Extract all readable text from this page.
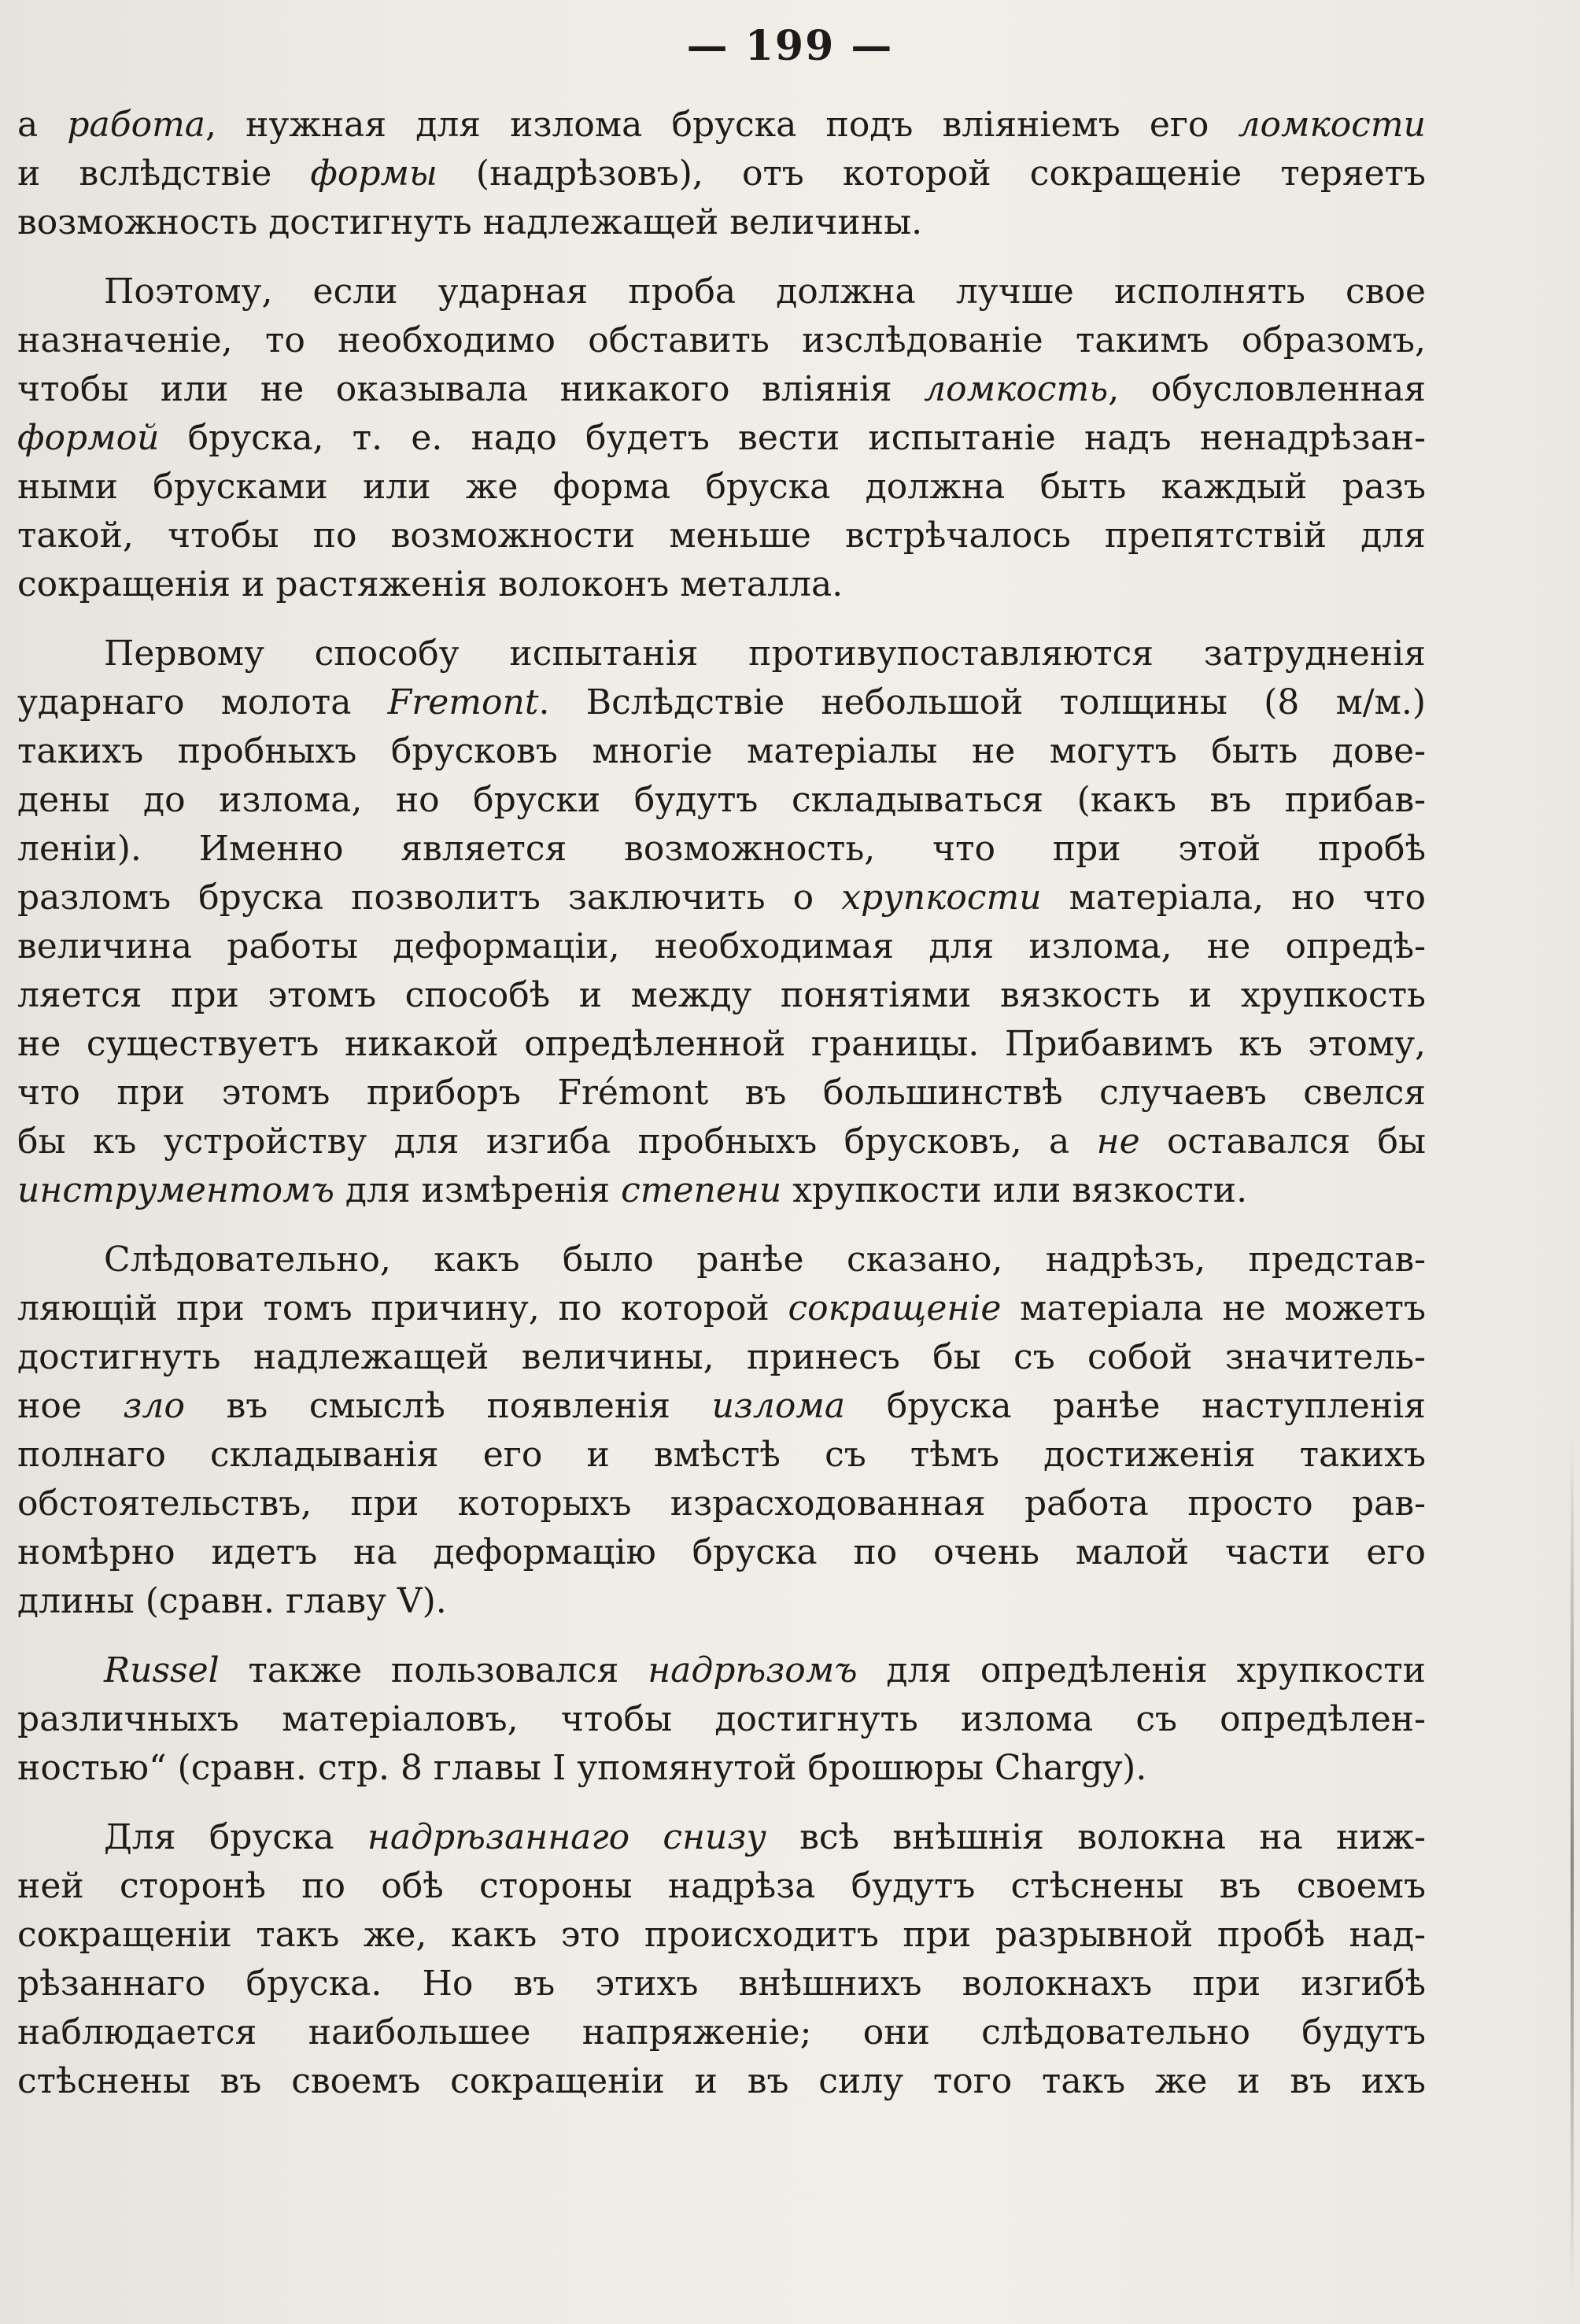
— 199 —
а работа, нужная для излома бруска подъ вліяніемъ его ломкости
и вслѣдствіе формы (надрѣзовъ), отъ которой сокращеніе теряетъ
возможность достигнуть надлежащей величины.
Поэтому, если ударная проба должна лучше исполнять свое
назначеніе, то необходимо обставить изслѣдованіе такимъ образомъ,
чтобы или не оказывала никакого вліянія ломкость, обусловленная
формой бруска, т. е. надо будетъ вести испытаніе надъ ненадрѣзан-
ными брусками или же форма бруска должна быть каждый разъ
такой, чтобы по возможности меньше встрѣчалось препятствій для
сокращенія и растяженія волоконъ металла.
Первому способу испытанія противупоставляются затрудненія
ударнаго молота Fremont. Вслѣдствіе небольшой толщины (8 м/м.)
такихъ пробныхъ брусковъ многіе матеріалы не могутъ быть дове-
дены до излома, но бруски будутъ складываться (какъ въ прибав-
леніи). Именно является возможность, что при этой пробѣ
разломъ бруска позволитъ заключить о хрупкости матеріала, но что
величина работы деформаціи, необходимая для излома, не опредѣ-
ляется при этомъ способѣ и между понятіями вязкость и хрупкость
не существуетъ никакой опредѣленной границы. Прибавимъ къ этому,
что при этомъ приборъ Frémont въ большинствѣ случаевъ свелся
бы къ устройству для изгиба пробныхъ брусковъ, а не оставался бы
инструментомъ для измѣренія степени хрупкости или вязкости.
Слѣдовательно, какъ было ранѣе сказано, надрѣзъ, представ-
ляющій при томъ причину, по которой сокращеніе матеріала не можетъ
достигнуть надлежащей величины, принесъ бы съ собой значитель-
ное зло въ смыслѣ появленія излома бруска ранѣе наступленія
полнаго складыванія его и вмѣстѣ съ тѣмъ достиженія такихъ
обстоятельствъ, при которыхъ израсходованная работа просто рав-
номѣрно идетъ на деформацію бруска по очень малой части его
длины (сравн. главу V).
Russel также пользовался надрѣзомъ для опредѣленія хрупкости
различныхъ матеріаловъ, чтобы достигнуть излома съ опредѣлен-
ностью“ (сравн. стр. 8 главы I упомянутой брошюры Chargy).
Для бруска надрѣзаннаго снизу всѣ внѣшнія волокна на ниж-
ней сторонѣ по обѣ стороны надрѣза будутъ стѣснены въ своемъ
сокращеніи такъ же, какъ это происходитъ при разрывной пробѣ над-
рѣзаннаго бруска. Но въ этихъ внѣшнихъ волокнахъ при изгибѣ
наблюдается наибольшее напряженіе; они слѣдовательно будутъ
стѣснены въ своемъ сокращеніи и въ силу того такъ же и въ ихъ
